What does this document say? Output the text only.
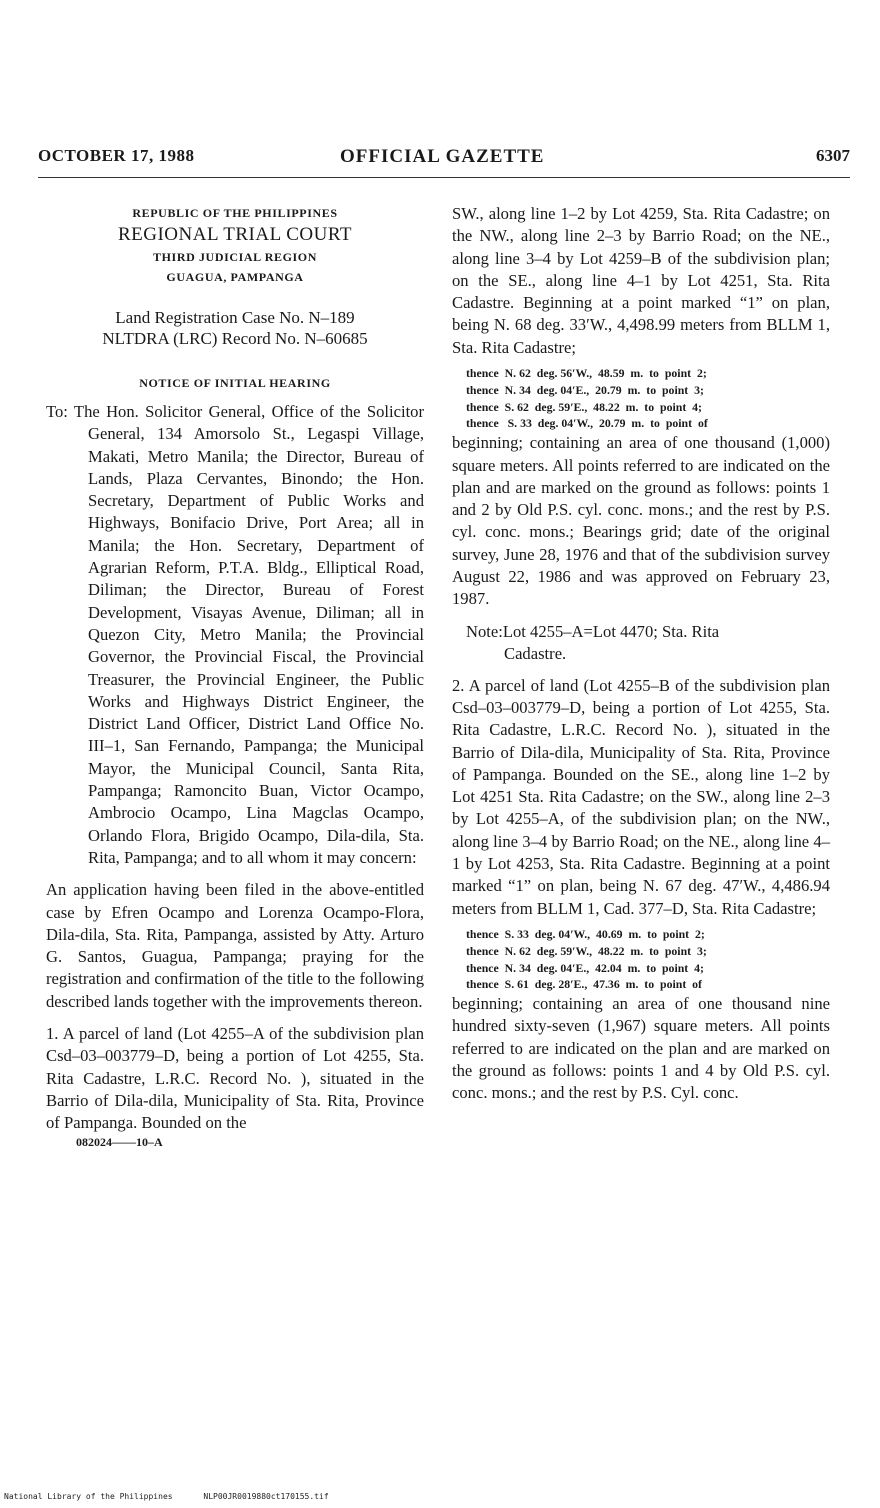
OCTOBER 17, 1988	OFFICIAL GAZETTE	6307
REPUBLIC OF THE PHILIPPINES
REGIONAL TRIAL COURT
THIRD JUDICIAL REGION
GUAGUA, PAMPANGA
Land Registration Case No. N–189
NLTDRA (LRC) Record No. N–60685
NOTICE OF INITIAL HEARING

To: The Hon. Solicitor General, Office of the Solicitor General, 134 Amorsolo St., Legaspi Village, Makati, Metro Manila; the Director, Bureau of Lands, Plaza Cervantes, Binondo; the Hon. Secretary, Department of Public Works and Highways, Bonifacio Drive, Port Area; all in Manila; the Hon. Secretary, Department of Agrarian Reform, P.T.A. Bldg., Elliptical Road, Diliman; the Director, Bureau of Forest Development, Visayas Avenue, Diliman; all in Quezon City, Metro Manila; the Provincial Governor, the Provincial Fiscal, the Provincial Treasurer, the Provincial Engineer, the Public Works and Highways District Engineer, the District Land Officer, District Land Office No. III–1, San Fernando, Pampanga; the Municipal Mayor, the Municipal Council, Santa Rita, Pampanga; Ramoncito Buan, Victor Ocampo, Ambrocio Ocampo, Lina Magclas Ocampo, Orlando Flora, Brigido Ocampo, Dila-dila, Sta. Rita, Pampanga; and to all whom it may concern:

An application having been filed in the above-entitled case by Efren Ocampo and Lorenza Ocampo-Flora, Dila-dila, Sta. Rita, Pampanga, assisted by Atty. Arturo G. Santos, Guagua, Pampanga; praying for the registration and confirmation of the title to the following described lands together with the improvements thereon.

1. A parcel of land (Lot 4255–A of the subdivision plan Csd–03–003779–D, being a portion of Lot 4255, Sta. Rita Cadastre, L.R.C. Record No. ), situated in the Barrio of Dila-dila, Municipality of Sta. Rita, Province of Pampanga. Bounded on the

082024——10–A

SW., along line 1–2 by Lot 4259, Sta. Rita Cadastre; on the NW., along line 2–3 by Barrio Road; on the NE., along line 3–4 by Lot 4259–B of the subdivision plan; on the SE., along line 4–1 by Lot 4251, Sta. Rita Cadastre. Beginning at a point marked “1” on plan, being N. 68 deg. 33′W., 4,498.99 meters from BLLM 1, Sta. Rita Cadastre;

thence  N. 62  deg. 56′W.,  48.59  m.  to  point  2;
thence  N. 34  deg. 04′E.,  20.79  m.  to  point  3;
thence  S. 62  deg. 59′E.,  48.22  m.  to  point  4;
thence   S. 33  deg. 04′W.,  20.79  m.  to  point  of

beginning; containing an area of one thousand (1,000) square meters. All points referred to are indicated on the plan and are marked on the ground as follows: points 1 and 2 by Old P.S. cyl. conc. mons.; and the rest by P.S. cyl. conc. mons.; Bearings grid; date of the original survey, June 28, 1976 and that of the subdivision survey August 22, 1986 and was approved on February 23, 1987.

Note:Lot 4255–A=Lot 4470; Sta. Rita
Cadastre.

2. A parcel of land (Lot 4255–B of the subdivision plan Csd–03–003779–D, being a portion of Lot 4255, Sta. Rita Cadastre, L.R.C. Record No. ), situated in the Barrio of Dila-dila, Municipality of Sta. Rita, Province of Pampanga. Bounded on the SE., along line 1–2 by Lot 4251 Sta. Rita Cadastre; on the SW., along line 2–3 by Lot 4255–A, of the subdivision plan; on the NW., along line 3–4 by Barrio Road; on the NE., along line 4–1 by Lot 4253, Sta. Rita Cadastre. Beginning at a point marked “1” on plan, being N. 67 deg. 47′W., 4,486.94 meters from BLLM 1, Cad. 377–D, Sta. Rita Cadastre;

thence  S. 33  deg. 04′W.,  40.69  m.  to  point  2;
thence  N. 62  deg. 59′W.,  48.22  m.  to  point  3;
thence  N. 34  deg. 04′E.,  42.04  m.  to  point  4;
thence  S. 61  deg. 28′E.,  47.36  m.  to  point  of

beginning; containing an area of one thousand nine hundred sixty-seven (1,967) square meters. All points referred to are indicated on the plan and are marked on the ground as follows: points 1 and 4 by Old P.S. cyl. conc. mons.; and the rest by P.S. Cyl. conc.

National Library of the Philippines	NLP00JR0019880ct170155.tif
